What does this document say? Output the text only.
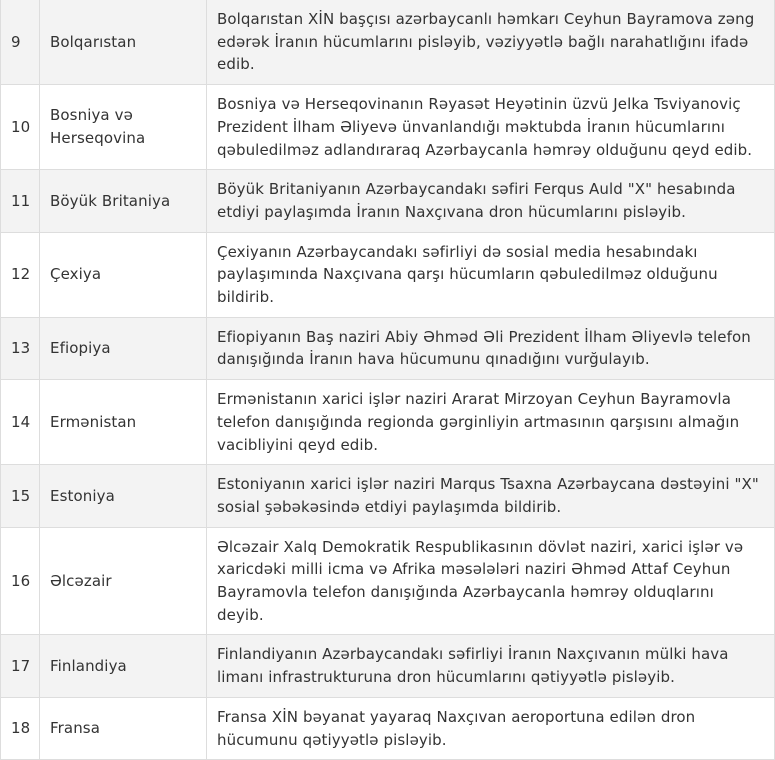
9	Bolqarıstan	Bolqarıstan XİN başçısı azərbaycanlı həmkarı Ceyhun Bayramova zəng edərək İranın hücumlarını pisləyib, vəziyyətlə bağlı narahatlığını ifadə edib.
10	Bosniya və Herseqovina	Bosniya və Herseqovinanın Rəyasət Heyətinin üzvü Jelka Tsviyanoviç Prezident İlham Əliyevə ünvanlandığı məktubda İranın hücumlarını qəbuledilməz adlandıraraq Azərbaycanla həmrəy olduğunu qeyd edib.
11	Böyük Britaniya	Böyük Britaniyanın Azərbaycandakı səfiri Ferqus Auld "X" hesabında etdiyi paylaşımda İranın Naxçıvana dron hücumlarını pisləyib.
12	Çexiya	Çexiyanın Azərbaycandakı səfirliyi də sosial media hesabındakı paylaşımında Naxçıvana qarşı hücumların qəbuledilməz olduğunu bildirib.
13	Efiopiya	Efiopiyanın Baş naziri Abiy Əhməd Əli Prezident İlham Əliyevlə telefon danışığında İranın hava hücumunu qınadığını vurğulayıb.
14	Ermənistan	Ermənistanın xarici işlər naziri Ararat Mirzoyan Ceyhun Bayramovla telefon danışığında regionda gərginliyin artmasının qarşısını almağın vacibliyini qeyd edib.
15	Estoniya	Estoniyanın xarici işlər naziri Marqus Tsaxna Azərbaycana dəstəyini "X" sosial şəbəkəsində etdiyi paylaşımda bildirib.
16	Əlcəzair	Əlcəzair Xalq Demokratik Respublikasının dövlət naziri, xarici işlər və xaricdəki milli icma və Afrika məsələləri naziri Əhməd Attaf Ceyhun Bayramovla telefon danışığında Azərbaycanla həmrəy olduqlarını deyib.
17	Finlandiya	Finlandiyanın Azərbaycandakı səfirliyi İranın Naxçıvanın mülki hava limanı infrastrukturuna dron hücumlarını qətiyyətlə pisləyib.
18	Fransa	Fransa XİN bəyanat yayaraq Naxçıvan aeroportuna edilən dron hücumunu qətiyyətlə pisləyib.
